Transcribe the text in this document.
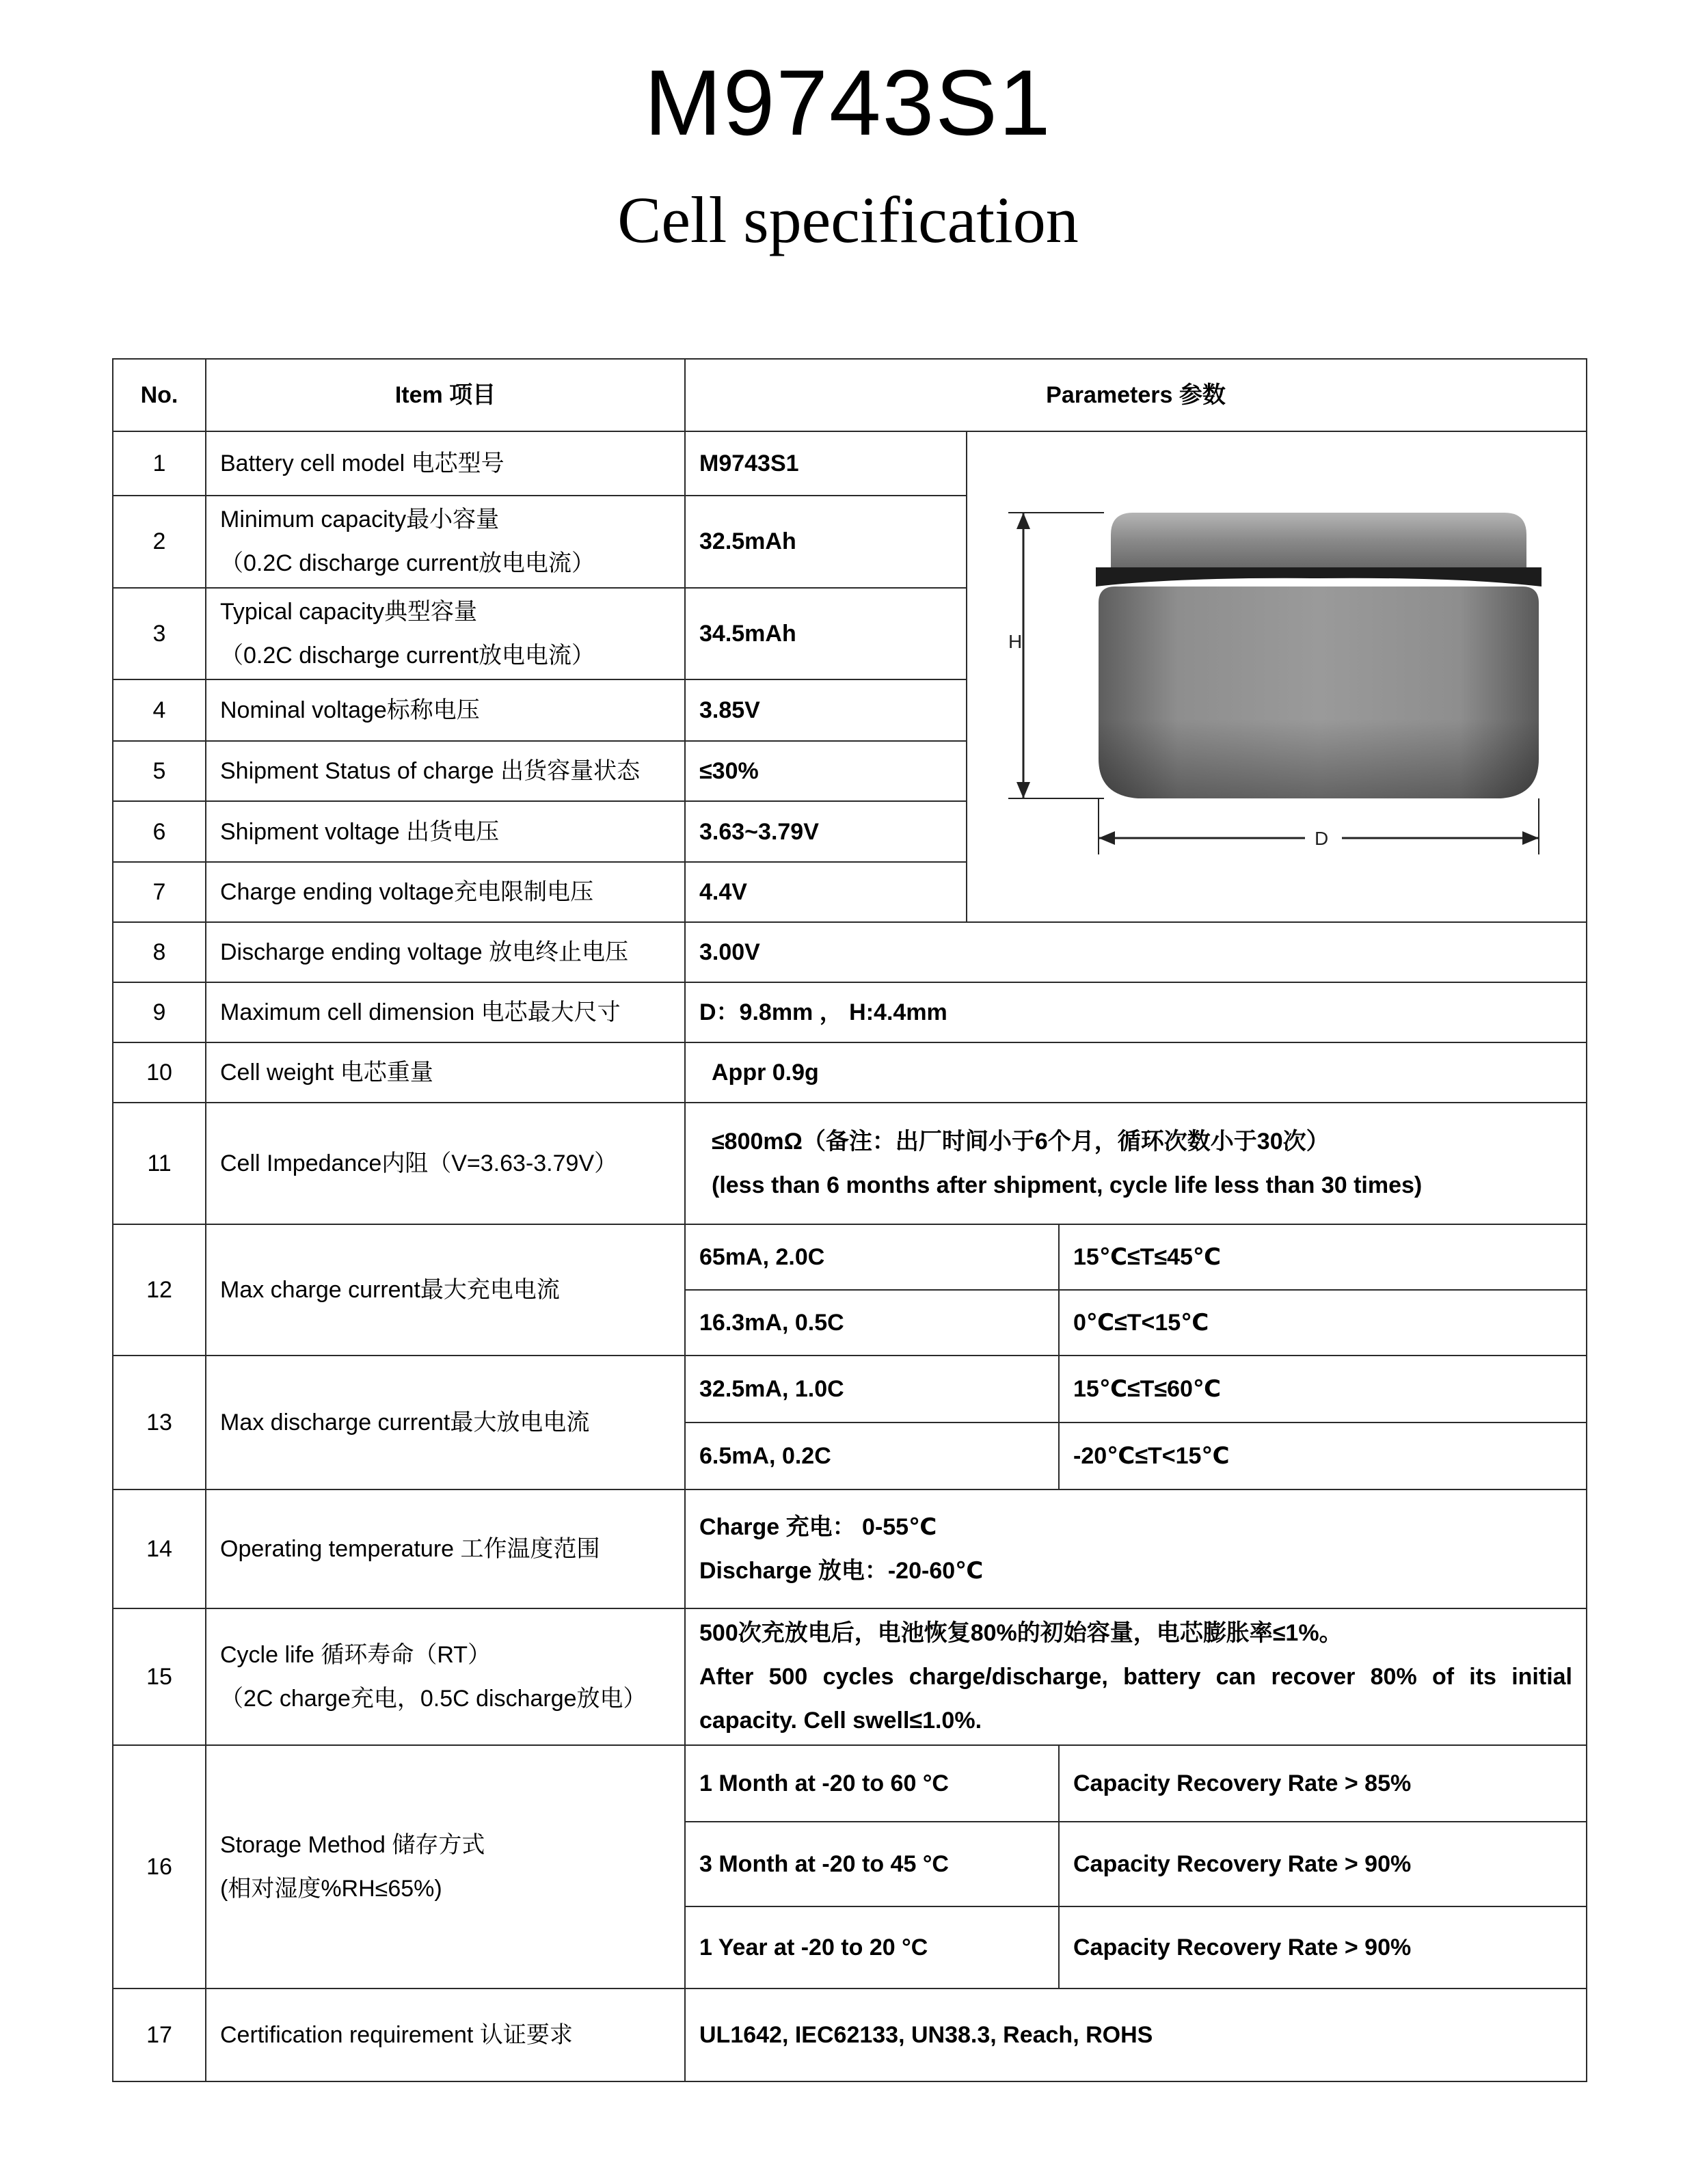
M9743S1
Cell specification
No.	Item 项目	Parameters 参数		
1	Battery cell model 电芯型号	M9743S1	H
D	

2	Minimum capacity最小容量
（0.2C discharge current放电电流）	32.5mAh		
3	Typical capacity典型容量
（0.2C discharge current放电电流）	34.5mAh		
4	Nominal voltage标称电压	3.85V		
5	Shipment Status of charge 出货容量状态	≤30%		
6	Shipment voltage 出货电压	3.63~3.79V		
7	Charge ending voltage充电限制电压	4.4V		
8	Discharge ending voltage 放电终止电压	3.00V		
9	Maximum cell dimension 电芯最大尺寸	D：9.8mm ， H:4.4mm		
10	Cell weight 电芯重量	Appr 0.9g		
11	Cell Impedance内阻（V=3.63-3.79V）	≤800mΩ（备注：出厂时间小于6个月，循环次数小于30次）
(less than 6 months after shipment, cycle life less than 30 times)		

12	Max charge current最大充电电流	65mA, 2.0C		15℃≤T≤45℃
		16.3mA, 0.5C		0℃≤T<15℃
13	Max discharge current最大放电电流	32.5mA, 1.0C		15℃≤T≤60℃
		6.5mA, 0.2C		-20℃≤T<15℃
14	Operating temperature 工作温度范围	Charge 充电： 0-55℃
Discharge 放电：-20-60℃		

15	Cycle life 循环寿命（RT）
（2C charge充电，0.5C discharge放电）	500次充放电后，电池恢复80%的初始容量，电芯膨胀率≤1%。
After 500 cycles charge/discharge, battery can recover 80% of its initial capacity. Cell swell≤1.0%.		

16	Storage Method 储存方式
(相对湿度%RH≤65%)	1 Month at -20 to 60 °C		Capacity Recovery Rate > 85%
		3 Month at -20 to 45 °C		Capacity Recovery Rate > 90%
		1 Year at -20 to 20 °C		Capacity Recovery Rate > 90%
17	Certification requirement 认证要求	UL1642, IEC62133, UN38.3, Reach, ROHS		
